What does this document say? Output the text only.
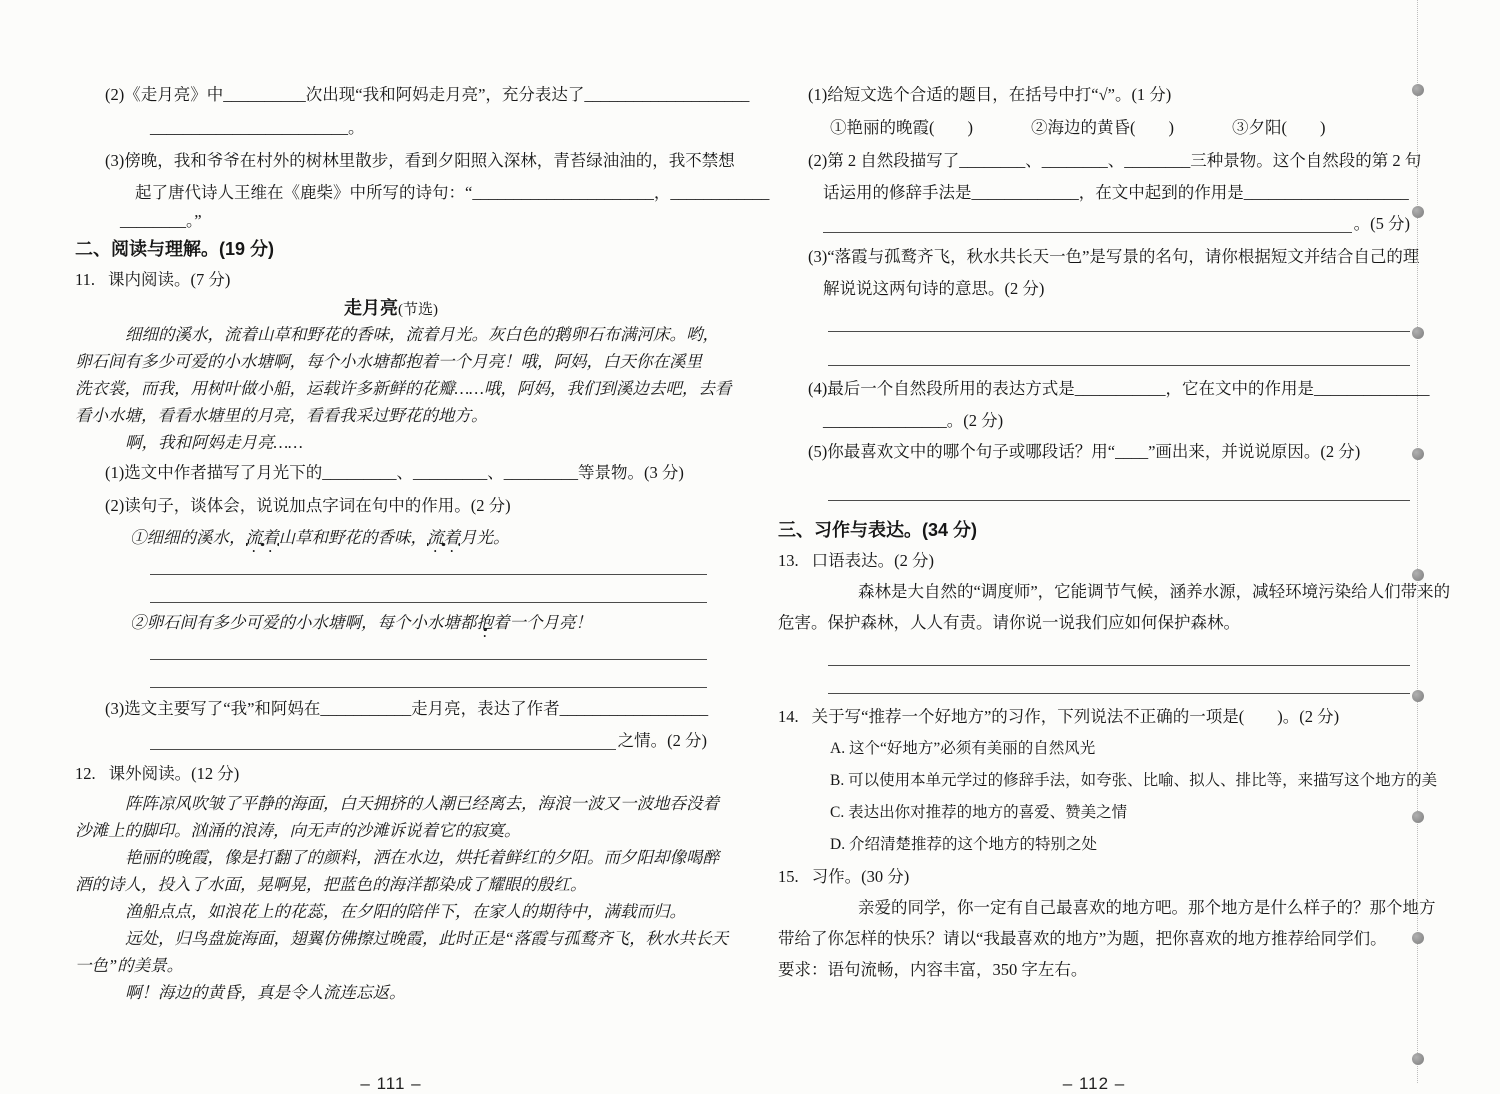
(2)《走月亮》中__________次出现“我和阿妈走月亮”，充分表达了____________________
________________________。
(3)傍晚，我和爷爷在村外的树林里散步，看到夕阳照入深林，青苔绿油油的，我不禁想
起了唐代诗人王维在《鹿柴》中所写的诗句：“______________________，____________
________。”
二、阅读与理解。(19 分)
11. 课内阅读。(7 分)
走月亮(节选)
细细的溪水，流着山草和野花的香味，流着月光。灰白色的鹅卵石布满河床。哟，
卵石间有多少可爱的小水塘啊，每个小水塘都抱着一个月亮！哦，阿妈，白天你在溪里
洗衣裳，而我，用树叶做小船，运载许多新鲜的花瓣……哦，阿妈，我们到溪边去吧，去看
看小水塘，看看水塘里的月亮，看看我采过野花的地方。
啊，我和阿妈走月亮……
(1)选文中作者描写了月光下的_________、_________、_________等景物。(3 分)
(2)读句子，谈体会，说说加点字词在句中的作用。(2 分)
①细细的溪水，流着山草和野花的香味，流着月光。
②卵石间有多少可爱的小水塘啊，每个小水塘都抱着一个月亮！
(3)选文主要写了“我”和阿妈在___________走月亮，表达了作者__________________
之情。(2 分)
12. 课外阅读。(12 分)
阵阵凉风吹皱了平静的海面，白天拥挤的人潮已经离去，海浪一波又一波地吞没着
沙滩上的脚印。汹涌的浪涛，向无声的沙滩诉说着它的寂寞。
艳丽的晚霞，像是打翻了的颜料，洒在水边，烘托着鲜红的夕阳。而夕阳却像喝醉
酒的诗人，投入了水面，晃啊晃，把蓝色的海洋都染成了耀眼的殷红。
渔船点点，如浪花上的花蕊，在夕阳的陪伴下，在家人的期待中，满载而归。
远处，归鸟盘旋海面，翅翼仿佛擦过晚霞，此时正是“落霞与孤鹜齐飞，秋水共长天
一色”的美景。
啊！海边的黄昏，真是令人流连忘返。
– 111 –
(1)给短文选个合适的题目，在括号中打“√”。(1 分)
①艳丽的晚霞(　　)	②海边的黄昏(　　)	③夕阳(　　)
(2)第 2 自然段描写了________、________、________三种景物。这个自然段的第 2 句
话运用的修辞手法是_____________，在文中起到的作用是____________________
。(5 分)
(3)“落霞与孤鹜齐飞，秋水共长天一色”是写景的名句，请你根据短文并结合自己的理
解说说这两句诗的意思。(2 分)
(4)最后一个自然段所用的表达方式是___________，它在文中的作用是______________
_______________。(2 分)
(5)你最喜欢文中的哪个句子或哪段话？用“____”画出来，并说说原因。(2 分)
三、习作与表达。(34 分)
13. 口语表达。(2 分)
森林是大自然的“调度师”，它能调节气候，涵养水源，减轻环境污染给人们带来的
危害。保护森林，人人有责。请你说一说我们应如何保护森林。
14. 关于写“推荐一个好地方”的习作，下列说法不正确的一项是(　　)。(2 分)
A. 这个“好地方”必须有美丽的自然风光
B. 可以使用本单元学过的修辞手法，如夸张、比喻、拟人、排比等，来描写这个地方的美
C. 表达出你对推荐的地方的喜爱、赞美之情
D. 介绍清楚推荐的这个地方的特别之处
15. 习作。(30 分)
亲爱的同学，你一定有自己最喜欢的地方吧。那个地方是什么样子的？那个地方
带给了你怎样的快乐？请以“我最喜欢的地方”为题，把你喜欢的地方推荐给同学们。
要求：语句流畅，内容丰富，350 字左右。
– 112 –
